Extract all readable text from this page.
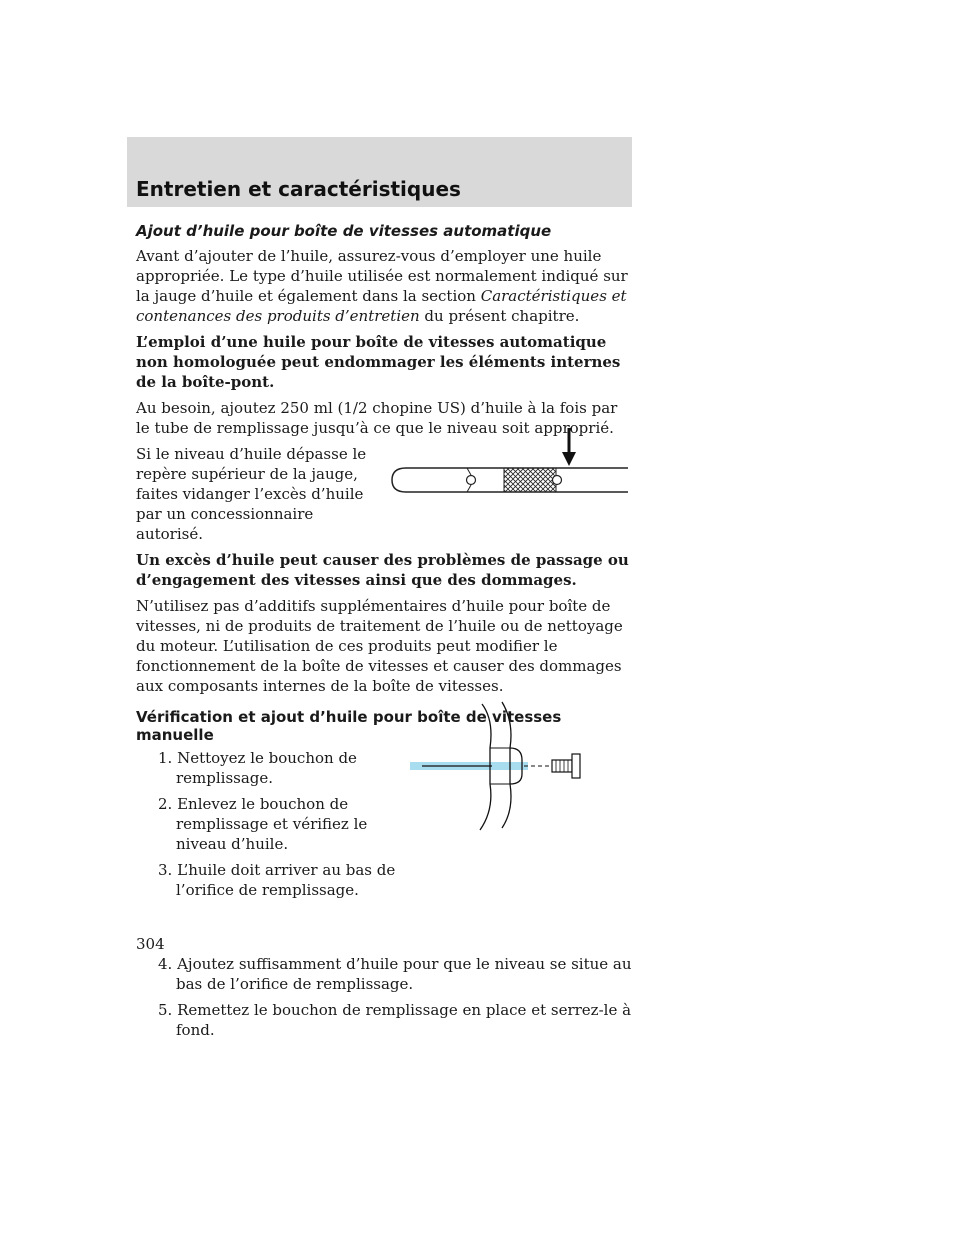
Entretien et caractéristiques
Ajout d’huile pour boîte de vitesses automatique

Avant d’ajouter de l’huile, assurez-vous d’employer une huile appropriée. Le type d’huile utilisée est normalement indiqué sur la jauge d’huile et également dans la section Caractéristiques et contenances des produits d’entretien du présent chapitre.

L’emploi d’une huile pour boîte de vitesses automatique non homologuée peut endommager les éléments internes de la boîte-pont.

Au besoin, ajoutez 250 ml (1/2 chopine US) d’huile à la fois par le tube de remplissage jusqu’à ce que le niveau soit approprié.

Si le niveau d’huile dépasse le repère supérieur de la jauge, faites vidanger l’excès d’huile par un concessionnaire autorisé.

Un excès d’huile peut causer des problèmes de passage ou d’engagement des vitesses ainsi que des dommages.

N’utilisez pas d’additifs supplémentaires d’huile pour boîte de vitesses, ni de produits de traitement de l’huile ou de nettoyage du moteur. L’utilisation de ces produits peut modifier le fonctionnement de la boîte de vitesses et causer des dommages aux composants internes de la boîte de vitesses.

Vérification et ajout d’huile pour boîte de vitesses manuelle

1. Nettoyez le bouchon de remplissage.

2. Enlevez le bouchon de remplissage et vérifiez le niveau d’huile.

3. L’huile doit arriver au bas de l’orifice de remplissage.

4. Ajoutez suffisamment d’huile pour que le niveau se situe au bas de l’orifice de remplissage.

5. Remettez le bouchon de remplissage en place et serrez-le à fond.

304
